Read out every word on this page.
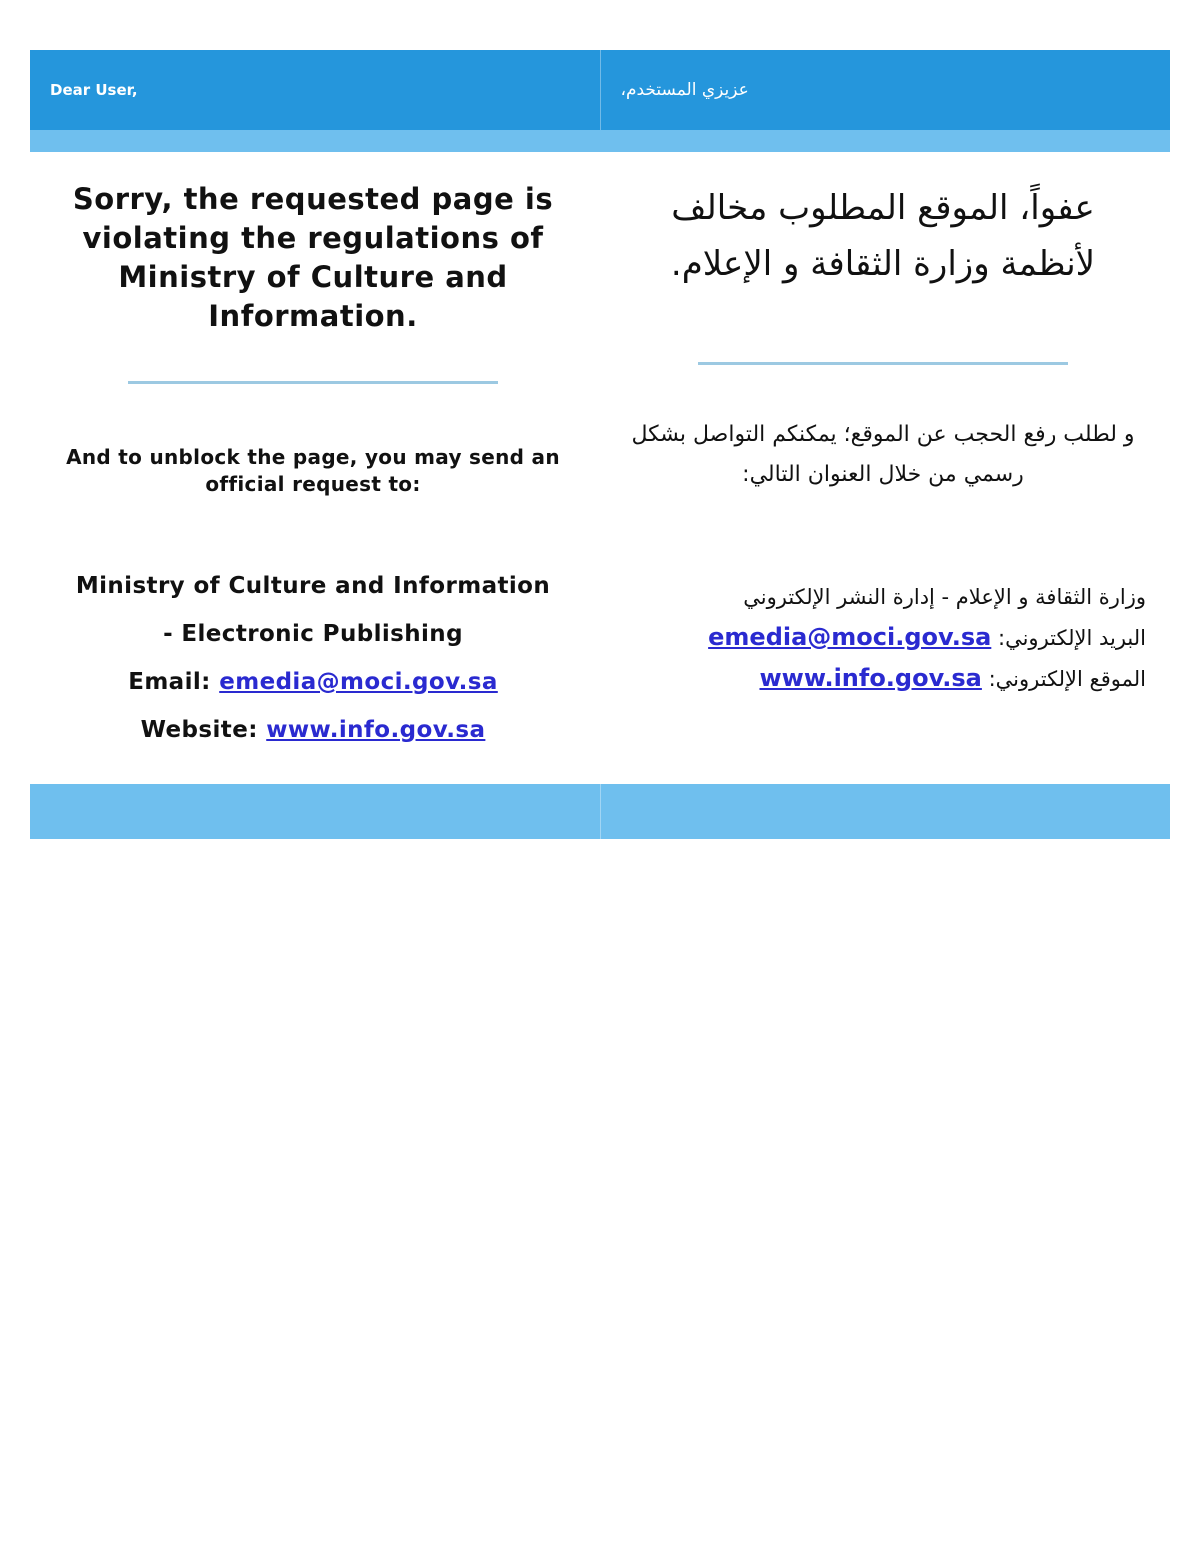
Dear User,	عزيزي المستخدم،
Sorry, the requested page is violating the regulations of Ministry of Culture and Information.
And to unblock the page, you may send an official request to:
Ministry of Culture and Information
- Electronic Publishing
Email: emedia@moci.gov.sa
Website: www.info.gov.sa
عفواً، الموقع المطلوب مخالف لأنظمة وزارة الثقافة و الإعلام.
و لطلب رفع الحجب عن الموقع؛ يمكنكم التواصل بشكل رسمي من خلال العنوان التالي:
وزارة الثقافة و الإعلام - إدارة النشر الإلكتروني
البريد الإلكتروني: emedia@moci.gov.sa
الموقع الإلكتروني: www.info.gov.sa
